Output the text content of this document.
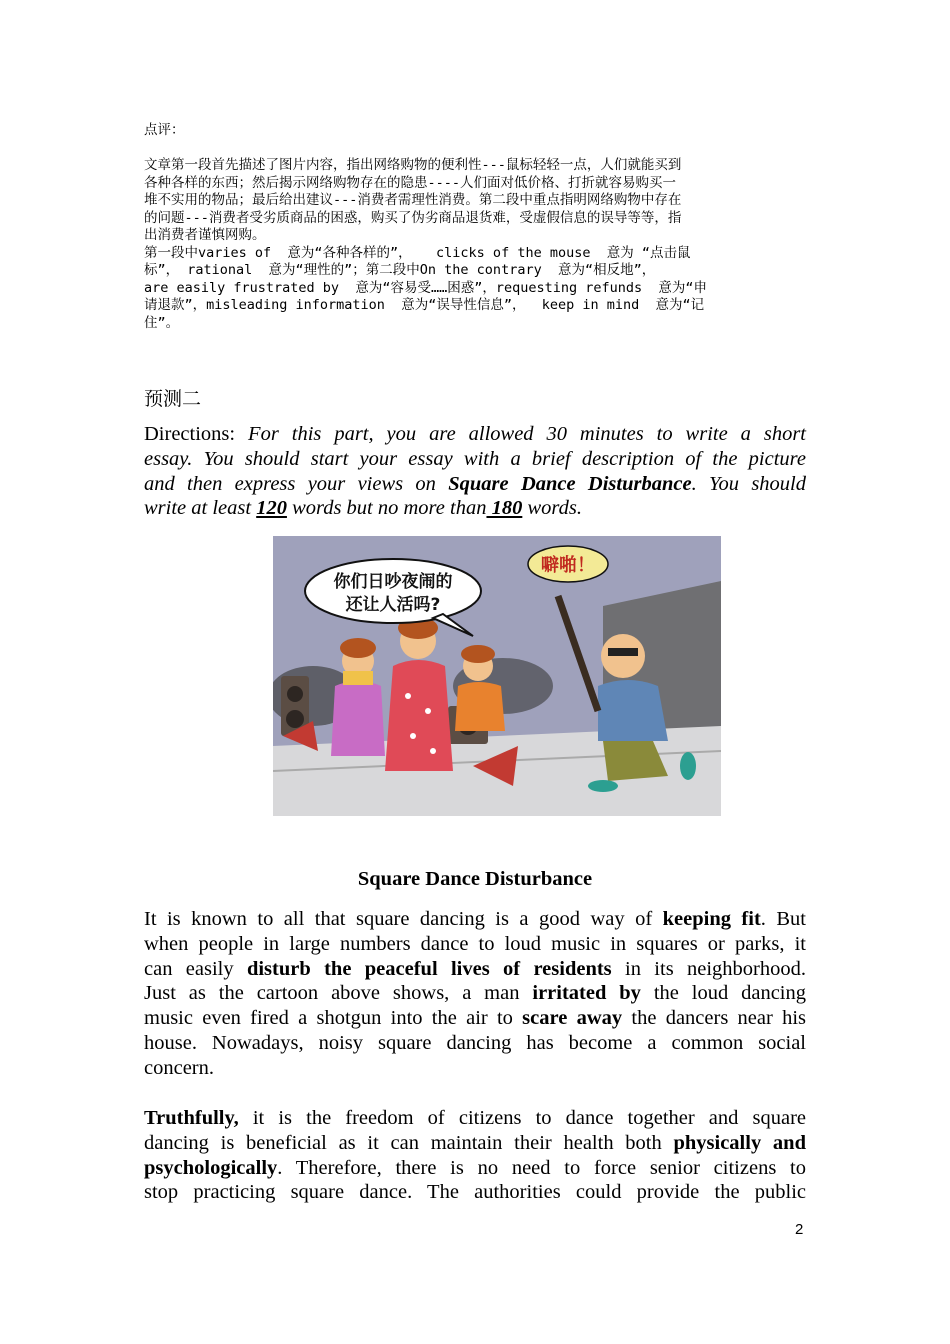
点评：
文章第一段首先描述了图片内容，指出网络购物的便利性---鼠标轻轻一点，人们就能买到
各种各样的东西；然后揭示网络购物存在的隐患----人们面对低价格、打折就容易购买一
堆不实用的物品；最后给出建议---消费者需理性消费。第二段中重点指明网络购物中存在
的问题---消费者受劣质商品的困惑，购买了伪劣商品退货难，受虚假信息的误导等等，指
出消费者谨慎网购。
第一段中varies of  意为“各种各样的”，   clicks of the mouse  意为 “点击鼠
标”， rational  意为“理性的”；第二段中On the contrary  意为“相反地”，
are easily frustrated by  意为“容易受……困惑”，requesting refunds  意为“申
请退款”，misleading information  意为“误导性信息”，  keep in mind  意为“记
住”。
预测二
Directions: For this part, you are allowed 30 minutes to write a short
essay. You should start your essay with a brief description of the picture
and then express your views on Square Dance Disturbance. You should
write at least 120 words but no more than 180 words.
你们日吵夜闹的
还让人活吗?
噼啪！
Square Dance Disturbance
It is known to all that square dancing is a good way of keeping fit. But
when people in large numbers dance to loud music in squares or parks, it
can easily disturb the peaceful lives of residents in its neighborhood.
Just as the cartoon above shows, a man irritated by the loud dancing
music even fired a shotgun into the air to scare away the dancers near his
house. Nowadays, noisy square dancing has become a common social
concern.
Truthfully, it is the freedom of citizens to dance together and square
dancing is beneficial as it can maintain their health both physically and
psychologically. Therefore, there is no need to force senior citizens to
stop practicing square dance. The authorities could provide the public
2
